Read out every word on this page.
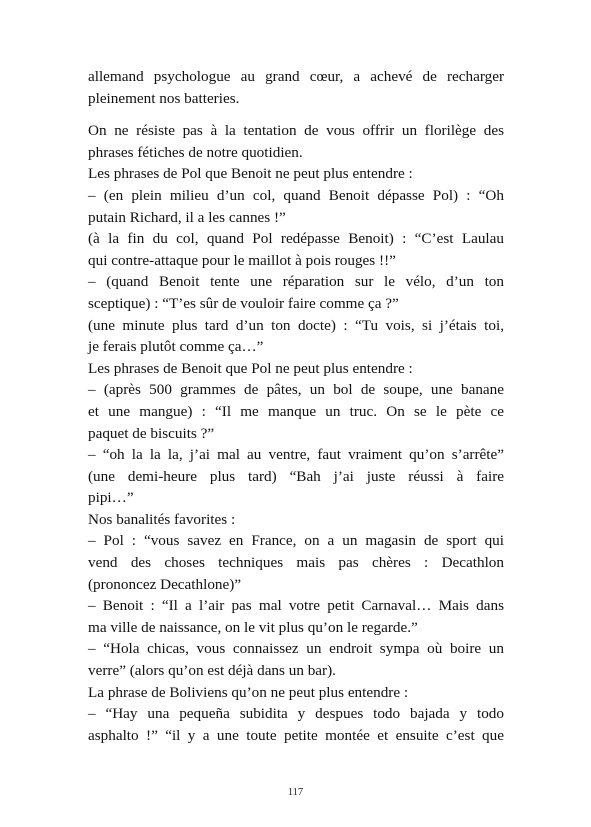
allemand psychologue au grand cœur, a achevé de recharger
pleinement nos batteries.
On ne résiste pas à la tentation de vous offrir un florilège des
phrases fétiches de notre quotidien.
Les phrases de Pol que Benoit ne peut plus entendre :
– (en plein milieu d’un col, quand Benoit dépasse Pol) : “Oh
putain Richard, il a les cannes !”
(à la fin du col, quand Pol redépasse Benoit) : “C’est Laulau
qui contre-attaque pour le maillot à pois rouges !!”
– (quand Benoit tente une réparation sur le vélo, d’un ton
sceptique) : “T’es sûr de vouloir faire comme ça ?”
(une minute plus tard d’un ton docte) : “Tu vois, si j’étais toi,
je ferais plutôt comme ça…”
Les phrases de Benoit que Pol ne peut plus entendre :
– (après 500 grammes de pâtes, un bol de soupe, une banane
et une mangue) : “Il me manque un truc. On se le pète ce
paquet de biscuits ?”
– “oh la la la, j’ai mal au ventre, faut vraiment qu’on s’arrête”
(une demi-heure plus tard) “Bah j’ai juste réussi à faire
pipi…”
Nos banalités favorites :
– Pol : “vous savez en France, on a un magasin de sport qui
vend des choses techniques mais pas chères : Decathlon
(prononcez Decathlone)”
– Benoit : “Il a l’air pas mal votre petit Carnaval… Mais dans
ma ville de naissance, on le vit plus qu’on le regarde.”
– “Hola chicas, vous connaissez un endroit sympa où boire un
verre” (alors qu’on est déjà dans un bar).
La phrase de Boliviens qu’on ne peut plus entendre :
– “Hay una pequeña subidita y despues todo bajada y todo
asphalto !” “il y a une toute petite montée et ensuite c’est que
117
